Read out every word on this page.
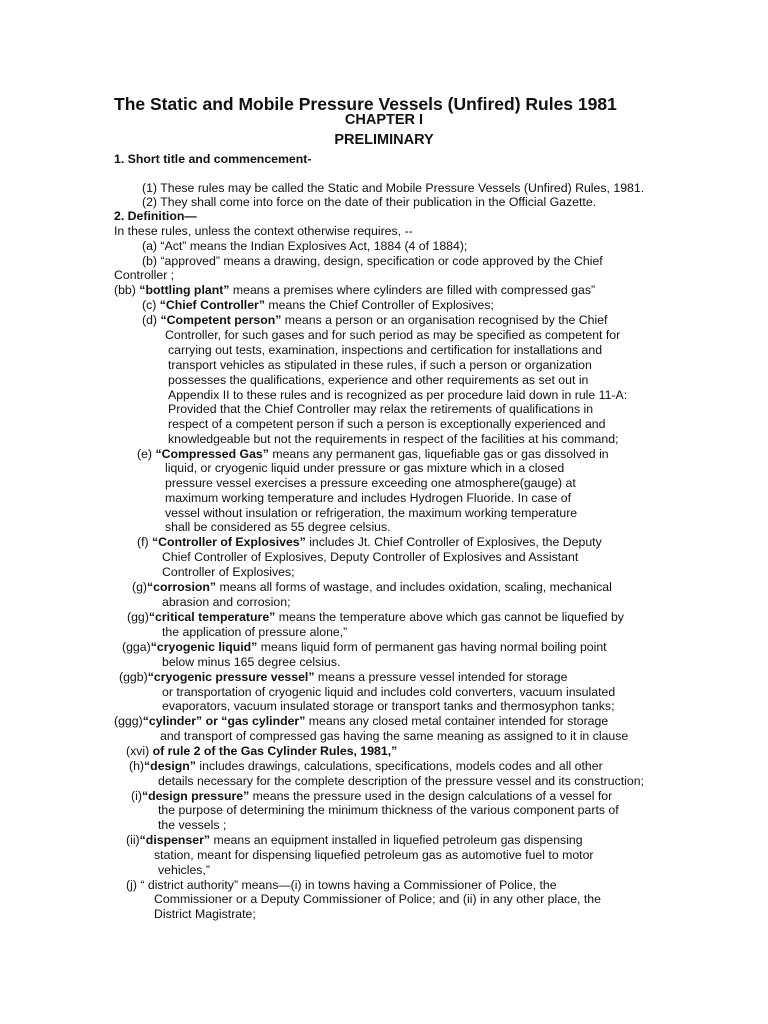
The Static and Mobile Pressure Vessels (Unfired) Rules 1981
CHAPTER I
PRELIMINARY
1. Short title and commencement-
(1) These rules may be called the Static and Mobile Pressure Vessels (Unfired) Rules, 1981.
(2) They shall come into force on the date of their publication in the Official Gazette.
2. Definition—
In these rules, unless the context otherwise requires, --
(a) “Act” means the Indian Explosives Act, 1884 (4 of 1884);
(b) “approved” means a drawing, design, specification or code approved by the Chief
Controller ;
(bb) “bottling plant” means a premises where cylinders are filled with compressed gas”
(c) “Chief Controller” means the Chief Controller of Explosives;
(d) “Competent person” means a person or an organisation recognised by the Chief
Controller, for such gases and for such period as may be specified as competent for
carrying out tests, examination, inspections and certification for installations and
transport vehicles as stipulated in these rules, if such a person or organization
possesses the qualifications, experience and other requirements as set out in
Appendix II to these rules and is recognized as per procedure laid down in rule 11-A:
Provided that the Chief Controller may relax the retirements of qualifications in
respect of a competent person if such a person is exceptionally experienced and
knowledgeable but not the requirements in respect of the facilities at his command;
(e) “Compressed Gas” means any permanent gas, liquefiable gas or gas dissolved in
liquid, or cryogenic liquid under pressure or gas mixture which in a closed
pressure vessel exercises a pressure exceeding one atmosphere(gauge) at
maximum working temperature and includes Hydrogen Fluoride. In case of
vessel without insulation or refrigeration, the maximum working temperature
shall be considered as 55 degree celsius.
(f) “Controller of Explosives” includes Jt. Chief Controller of Explosives, the Deputy
Chief Controller of Explosives, Deputy Controller of Explosives and Assistant
Controller of Explosives;
(g)“corrosion” means all forms of wastage, and includes oxidation, scaling, mechanical
abrasion and corrosion;
(gg)“critical temperature” means the temperature above which gas cannot be liquefied by
the application of pressure alone,”
(gga)“cryogenic liquid” means liquid form of permanent gas having normal boiling point
below minus 165 degree celsius.
(ggb)“cryogenic pressure vessel” means a pressure vessel intended for storage
or transportation of cryogenic liquid and includes cold converters, vacuum insulated
evaporators, vacuum insulated storage or transport tanks and thermosyphon tanks;
(ggg)“cylinder” or “gas cylinder” means any closed metal container intended for storage
and transport of compressed gas having the same meaning as assigned to it in clause
(xvi) of rule 2 of the Gas Cylinder Rules, 1981,”
(h)“design” includes drawings, calculations, specifications, models codes and all other
details necessary for the complete description of the pressure vessel and its construction;
(i)“design pressure” means the pressure used in the design calculations of a vessel for
the purpose of determining the minimum thickness of the various component parts of
the vessels ;
(ii)“dispenser” means an equipment installed in liquefied petroleum gas dispensing
station, meant for dispensing liquefied petroleum gas as automotive fuel to motor
vehicles,”
(j) “ district authority” means—(i) in towns having a Commissioner of Police, the
Commissioner or a Deputy Commissioner of Police; and (ii) in any other place, the
District Magistrate;
